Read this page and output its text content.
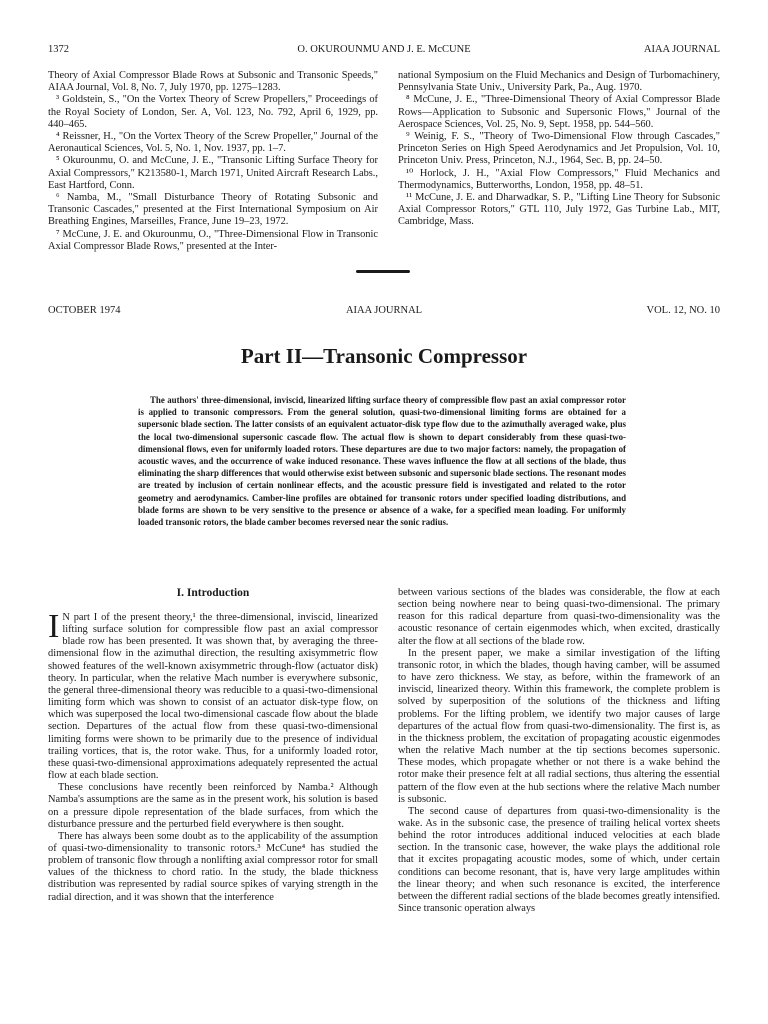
1372	O. OKUROUNMU AND J. E. McCUNE	AIAA JOURNAL

Theory of Axial Compressor Blade Rows at Subsonic and Transonic Speeds," AIAA Journal, Vol. 8, No. 7, July 1970, pp. 1275–1283.

³ Goldstein, S., "On the Vortex Theory of Screw Propellers," Proceedings of the Royal Society of London, Ser. A, Vol. 123, No. 792, April 6, 1929, pp. 440–465.

⁴ Reissner, H., "On the Vortex Theory of the Screw Propeller," Journal of the Aeronautical Sciences, Vol. 5, No. 1, Nov. 1937, pp. 1–7.

⁵ Okurounmu, O. and McCune, J. E., "Transonic Lifting Surface Theory for Axial Compressors," K213580-1, March 1971, United Aircraft Research Labs., East Hartford, Conn.

⁶ Namba, M., "Small Disturbance Theory of Rotating Subsonic and Transonic Cascades," presented at the First International Symposium on Air Breathing Engines, Marseilles, France, June 19–23, 1972.

⁷ McCune, J. E. and Okurounmu, O., "Three-Dimensional Flow in Transonic Axial Compressor Blade Rows," presented at the Inter-

national Symposium on the Fluid Mechanics and Design of Turbomachinery, Pennsylvania State Univ., University Park, Pa., Aug. 1970.

⁸ McCune, J. E., "Three-Dimensional Theory of Axial Compressor Blade Rows—Application to Subsonic and Supersonic Flows," Journal of the Aerospace Sciences, Vol. 25, No. 9, Sept. 1958, pp. 544–560.

⁹ Weinig, F. S., "Theory of Two-Dimensional Flow through Cascades," Princeton Series on High Speed Aerodynamics and Jet Propulsion, Vol. 10, Princeton Univ. Press, Princeton, N.J., 1964, Sec. B, pp. 24–50.

¹⁰ Horlock, J. H., "Axial Flow Compressors," Fluid Mechanics and Thermodynamics, Butterworths, London, 1958, pp. 48–51.

¹¹ McCune, J. E. and Dharwadkar, S. P., "Lifting Line Theory for Subsonic Axial Compressor Rotors," GTL 110, July 1972, Gas Turbine Lab., MIT, Cambridge, Mass.

OCTOBER 1974	AIAA JOURNAL	VOL. 12, NO. 10
Part II—Transonic Compressor

The authors' three-dimensional, inviscid, linearized lifting surface theory of compressible flow past an axial compressor rotor is applied to transonic compressors. From the general solution, quasi-two-dimensional limiting forms are obtained for a supersonic blade section. The latter consists of an equivalent actuator-disk type flow due to the azimuthally averaged wake, plus the local two-dimensional supersonic cascade flow. The actual flow is shown to depart considerably from these quasi-two-dimensional flows, even for uniformly loaded rotors. These departures are due to two major factors: namely, the propagation of acoustic waves, and the occurrence of wake induced resonance. These waves influence the flow at all sections of the blade, thus eliminating the sharp differences that would otherwise exist between subsonic and supersonic blade sections. The resonant modes are treated by inclusion of certain nonlinear effects, and the acoustic pressure field is investigated and related to the rotor geometry and aerodynamics. Camber-line profiles are obtained for transonic rotors under specified loading distributions, and blade forms are shown to be very sensitive to the presence or absence of a wake, for a specified mean loading. For uniformly loaded transonic rotors, the blade camber becomes reversed near the sonic radius.

I. Introduction

I N part I of the present theory,¹ the three-dimensional, inviscid, linearized lifting surface solution for compressible flow past an axial compressor blade row has been presented. It was shown that, by averaging the three-dimensional flow in the azimuthal direction, the resulting axisymmetric flow showed features of the well-known axisymmetric through-flow (actuator disk) theory. In particular, when the relative Mach number is everywhere subsonic, the general three-dimensional theory was reducible to a quasi-two-dimensional limiting form which was shown to consist of an actuator disk-type flow, on which was superposed the local two-dimensional cascade flow about the blade section. Departures of the actual flow from these quasi-two-dimensional limiting forms were shown to be primarily due to the presence of individual trailing vortices, that is, the rotor wake. Thus, for a uniformly loaded rotor, these quasi-two-dimensional approximations adequately represented the actual flow at each blade section.

These conclusions have recently been reinforced by Namba.² Although Namba's assumptions are the same as in the present work, his solution is based on a pressure dipole representation of the blade surfaces, from which the disturbance pressure and the perturbed field everywhere is then sought.

There has always been some doubt as to the applicability of the assumption of quasi-two-dimensionality to transonic rotors.³ McCune⁴ has studied the problem of transonic flow through a nonlifting axial compressor rotor for small values of the thickness to chord ratio. In the study, the blade thickness distribution was represented by radial source spikes of varying strength in the radial direction, and it was shown that the interference

between various sections of the blades was considerable, the flow at each section being nowhere near to being quasi-two-dimensional. The primary reason for this radical departure from quasi-two-dimensionality was the acoustic resonance of certain eigenmodes which, when excited, drastically alter the flow at all sections of the blade row.

In the present paper, we make a similar investigation of the lifting transonic rotor, in which the blades, though having camber, will be assumed to have zero thickness. We stay, as before, within the framework of an inviscid, linearized theory. Within this framework, the complete problem is solved by superposition of the solutions of the thickness and lifting problems. For the lifting problem, we identify two major causes of large departures of the actual flow from quasi-two-dimensionality. The first is, as in the thickness problem, the excitation of propagating acoustic eigenmodes when the relative Mach number at the tip sections becomes supersonic. These modes, which propagate whether or not there is a wake behind the rotor make their presence felt at all radial sections, thus altering the essential pattern of the flow even at the hub sections where the relative Mach number is subsonic.

The second cause of departures from quasi-two-dimensionality is the wake. As in the subsonic case, the presence of trailing helical vortex sheets behind the rotor introduces additional induced velocities at each blade section. In the transonic case, however, the wake plays the additional role that it excites propagating acoustic modes, some of which, under certain conditions can become resonant, that is, have very large amplitudes within the linear theory; and when such resonance is excited, the interference between the different radial sections of the blade becomes greatly intensified. Since transonic operation always
